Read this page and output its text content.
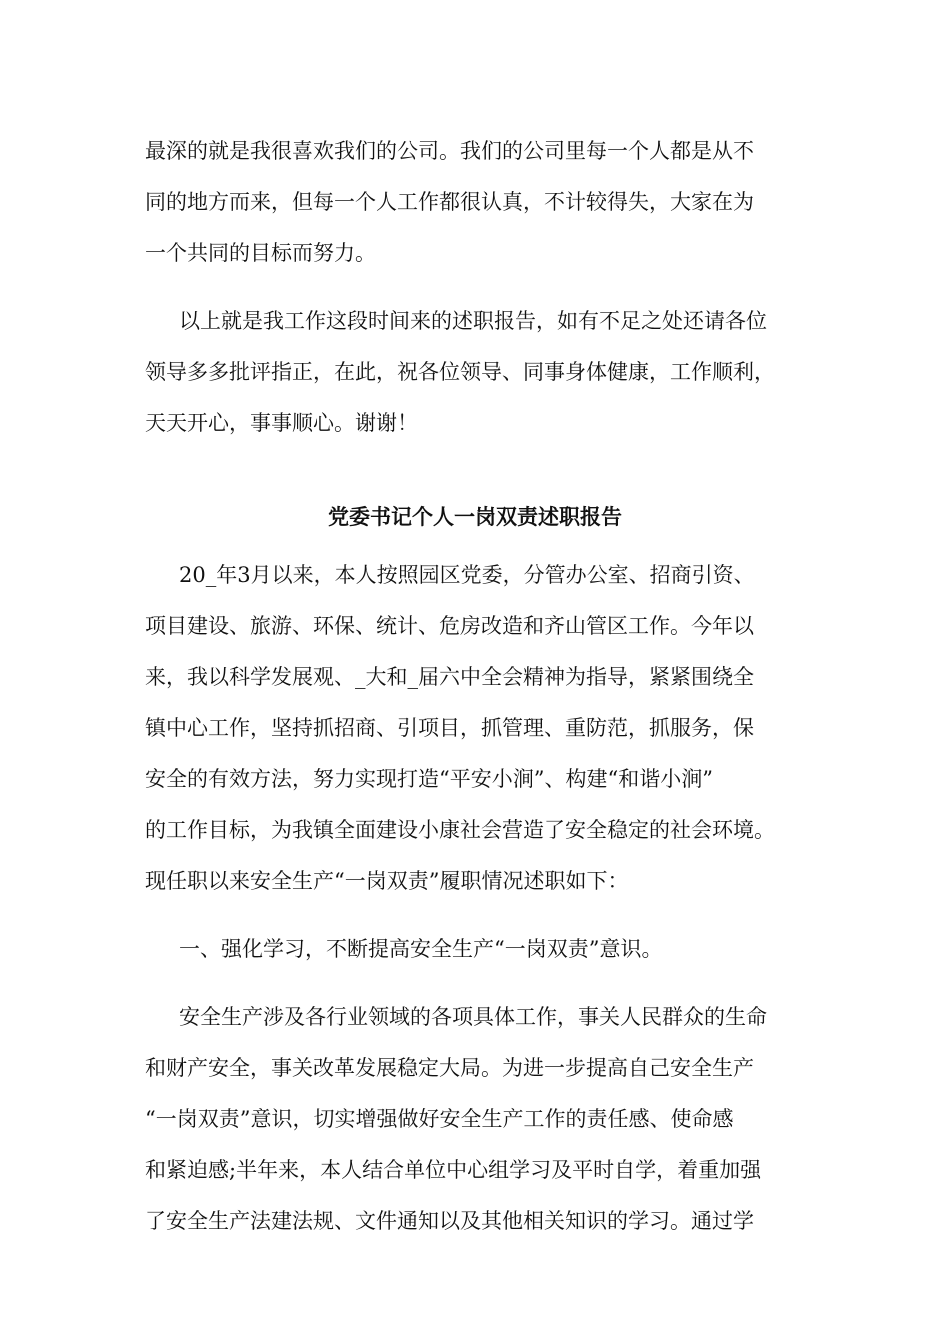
最深的就是我很喜欢我们的公司。我们的公司里每一个人都是从不
同的地方而来，但每一个人工作都很认真，不计较得失，大家在为
一个共同的目标而努力。
以上就是我工作这段时间来的述职报告，如有不足之处还请各位
领导多多批评指正，在此，祝各位领导、同事身体健康，工作顺利，
天天开心，事事顺心。谢谢！
党委书记个人一岗双责述职报告
20_年3月以来，本人按照园区党委，分管办公室、招商引资、
项目建设、旅游、环保、统计、危房改造和齐山管区工作。今年以
来，我以科学发展观、_大和_届六中全会精神为指导，紧紧围绕全
镇中心工作，坚持抓招商、引项目，抓管理、重防范，抓服务，保
安全的有效方法，努力实现打造“平安小涧”、构建“和谐小涧”
的工作目标，为我镇全面建设小康社会营造了安全稳定的社会环境。
现任职以来安全生产“一岗双责”履职情况述职如下：
一、强化学习，不断提高安全生产“一岗双责”意识。
安全生产涉及各行业领域的各项具体工作，事关人民群众的生命
和财产安全，事关改革发展稳定大局。为进一步提高自己安全生产
“一岗双责”意识，切实增强做好安全生产工作的责任感、使命感
和紧迫感;半年来，本人结合单位中心组学习及平时自学，着重加强
了安全生产法建法规、文件通知以及其他相关知识的学习。通过学
